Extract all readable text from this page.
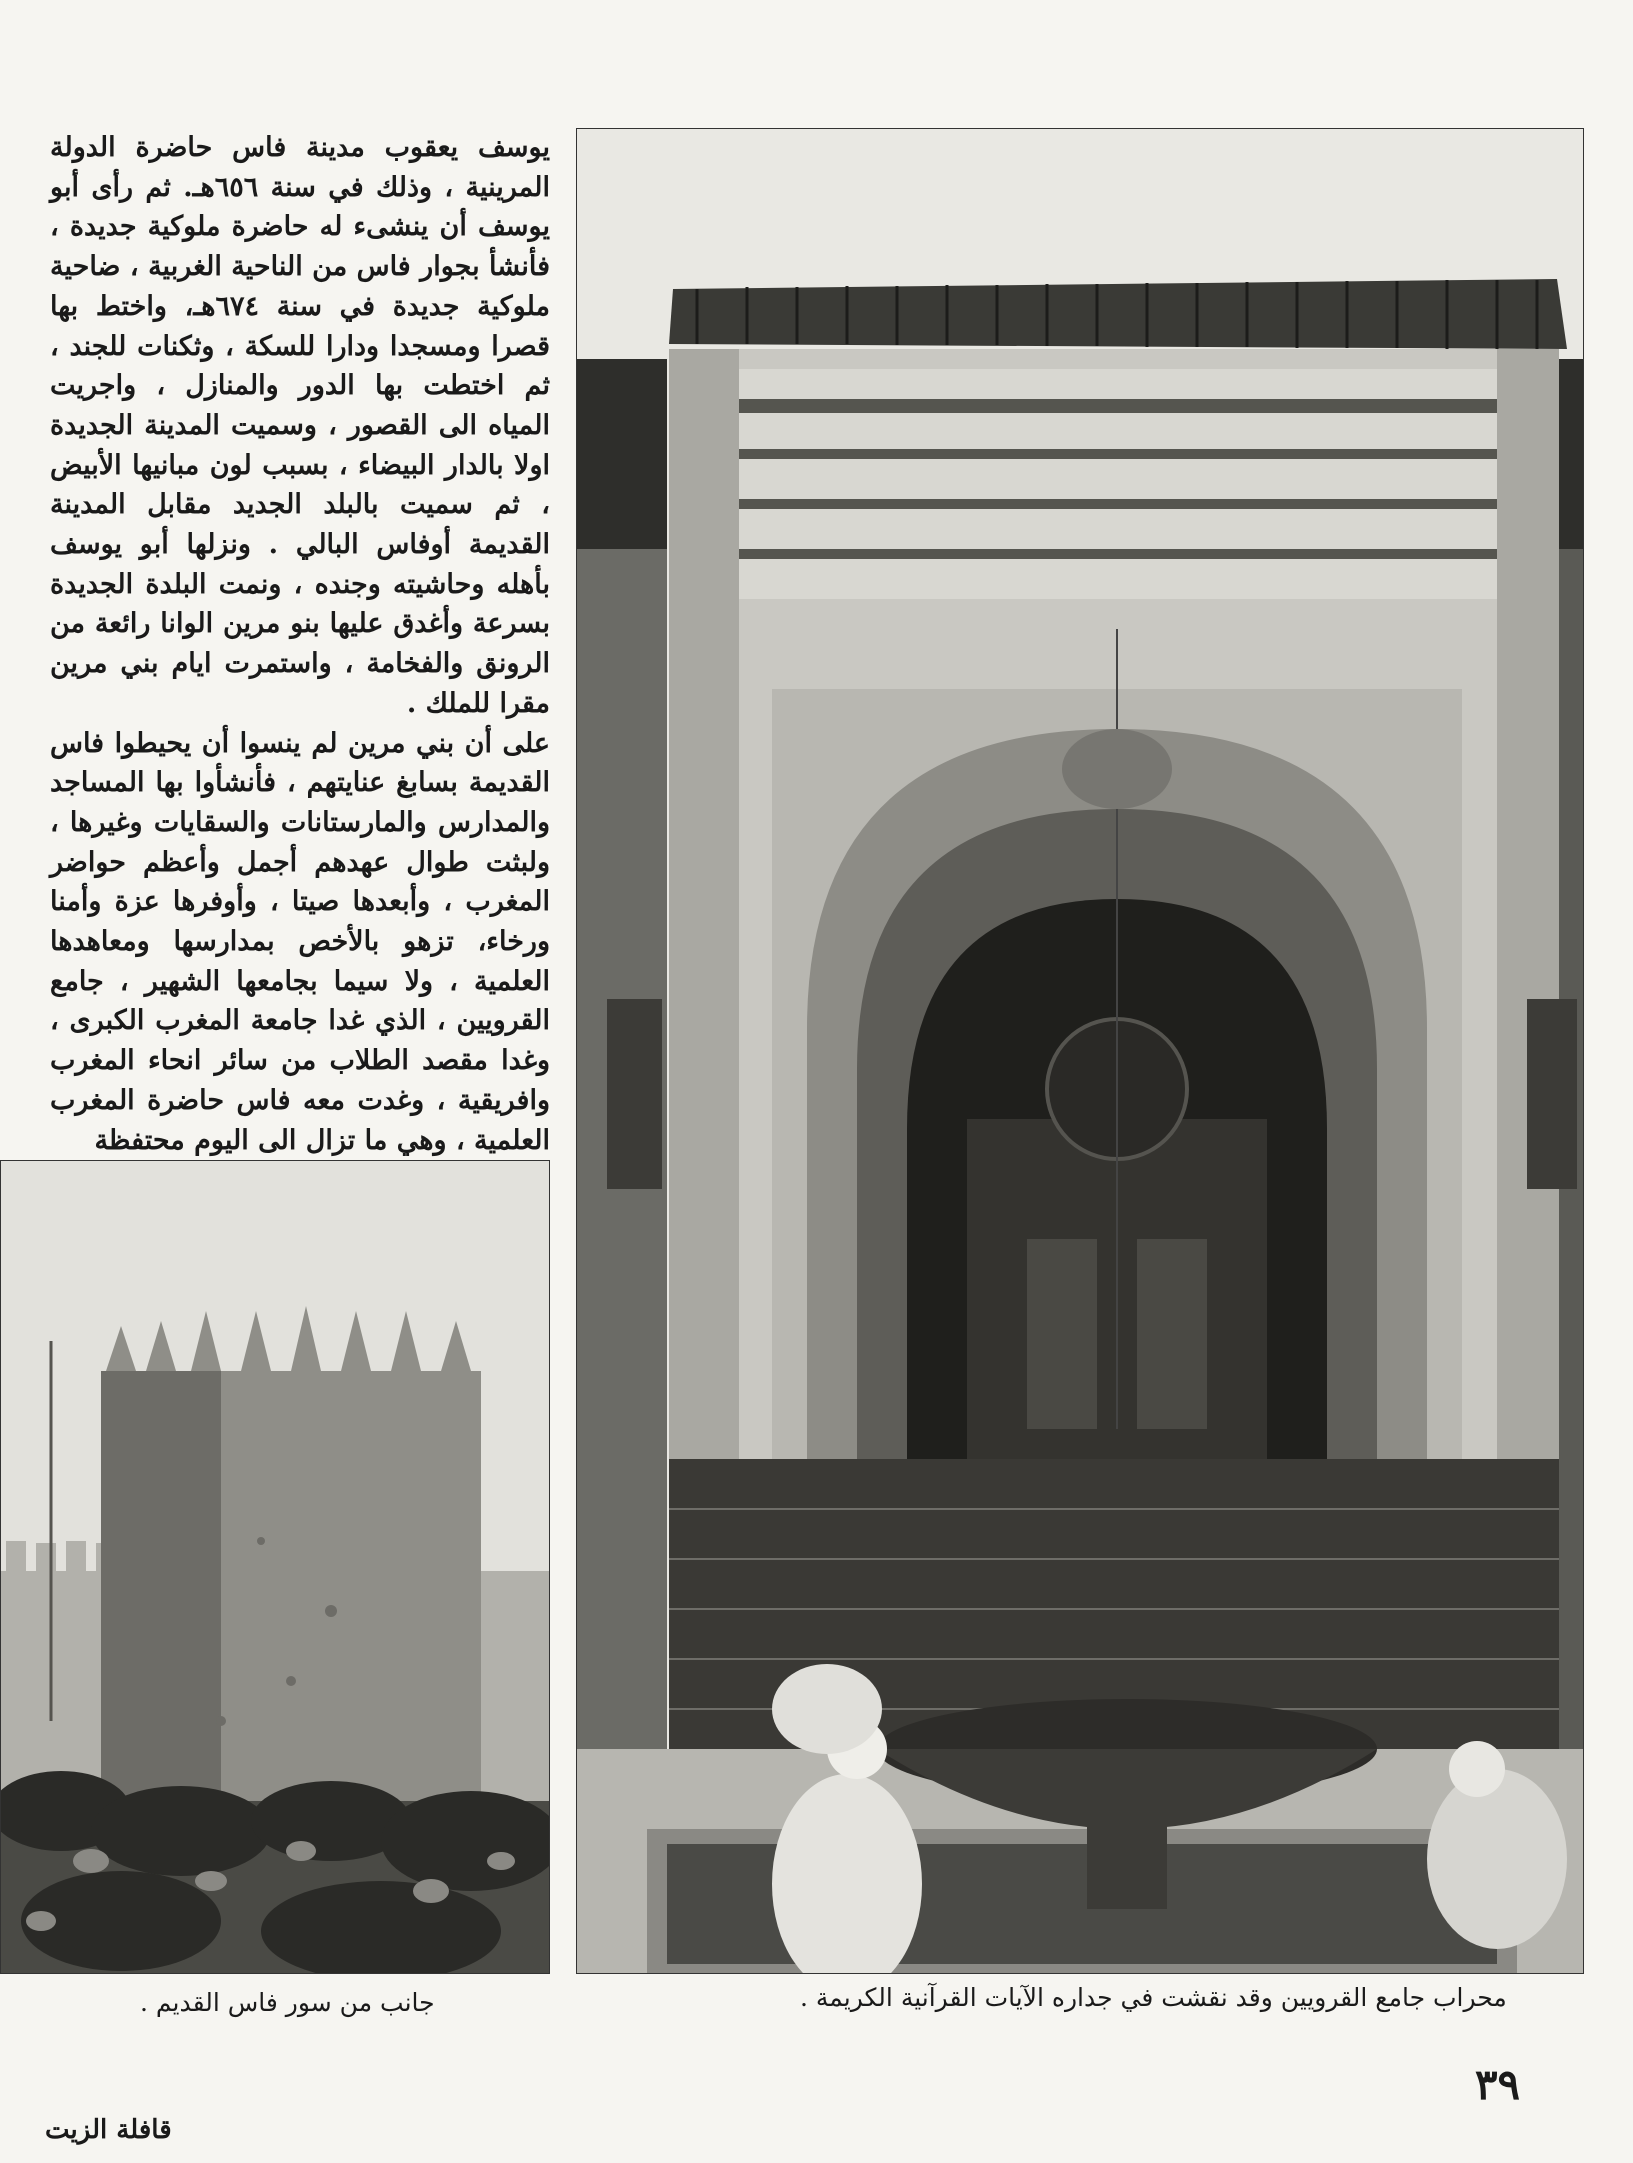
يوسف يعقوب مدينة فاس حاضرة الدولة المرينية ، وذلك في سنة ٦٥٦هـ. ثم رأى أبو يوسف أن ينشىء له حاضرة ملوكية جديدة ، فأنشأ بجوار فاس من الناحية الغربية ، ضاحية ملوكية جديدة في سنة ٦٧٤هـ، واختط بها قصرا ومسجدا ودارا للسكة ، وثكنات للجند ، ثم اختطت بها الدور والمنازل ، واجريت المياه الى القصور ، وسميت المدينة الجديدة اولا بالدار البيضاء ، بسبب لون مبانيها الأبيض ، ثم سميت بالبلد الجديد مقابل المدينة القديمة أوفاس البالي . ونزلها أبو يوسف بأهله وحاشيته وجنده ، ونمت البلدة الجديدة بسرعة وأغدق عليها بنو مرين الوانا رائعة من الرونق والفخامة ، واستمرت ايام بني مرين مقرا للملك .

على أن بني مرين لم ينسوا أن يحيطوا فاس القديمة بسابغ عنايتهم ، فأنشأوا بها المساجد والمدارس والمارستانات والسقايات وغيرها ، ولبثت طوال عهدهم أجمل وأعظم حواضر المغرب ، وأبعدها صيتا ، وأوفرها عزة وأمنا ورخاء، تزهو بالأخص بمدارسها ومعاهدها العلمية ، ولا سيما بجامعها الشهير ، جامع القرويين ، الذي غدا جامعة المغرب الكبرى ، وغدا مقصد الطلاب من سائر انحاء المغرب وافريقية ، وغدت معه فاس حاضرة المغرب العلمية ، وهي ما تزال الى اليوم محتفظة

محراب جامع القرويين وقد نقشت في جداره الآيات القرآنية الكريمة .
جانب من سور فاس القديم .
٣٩
قافلة الزيت
